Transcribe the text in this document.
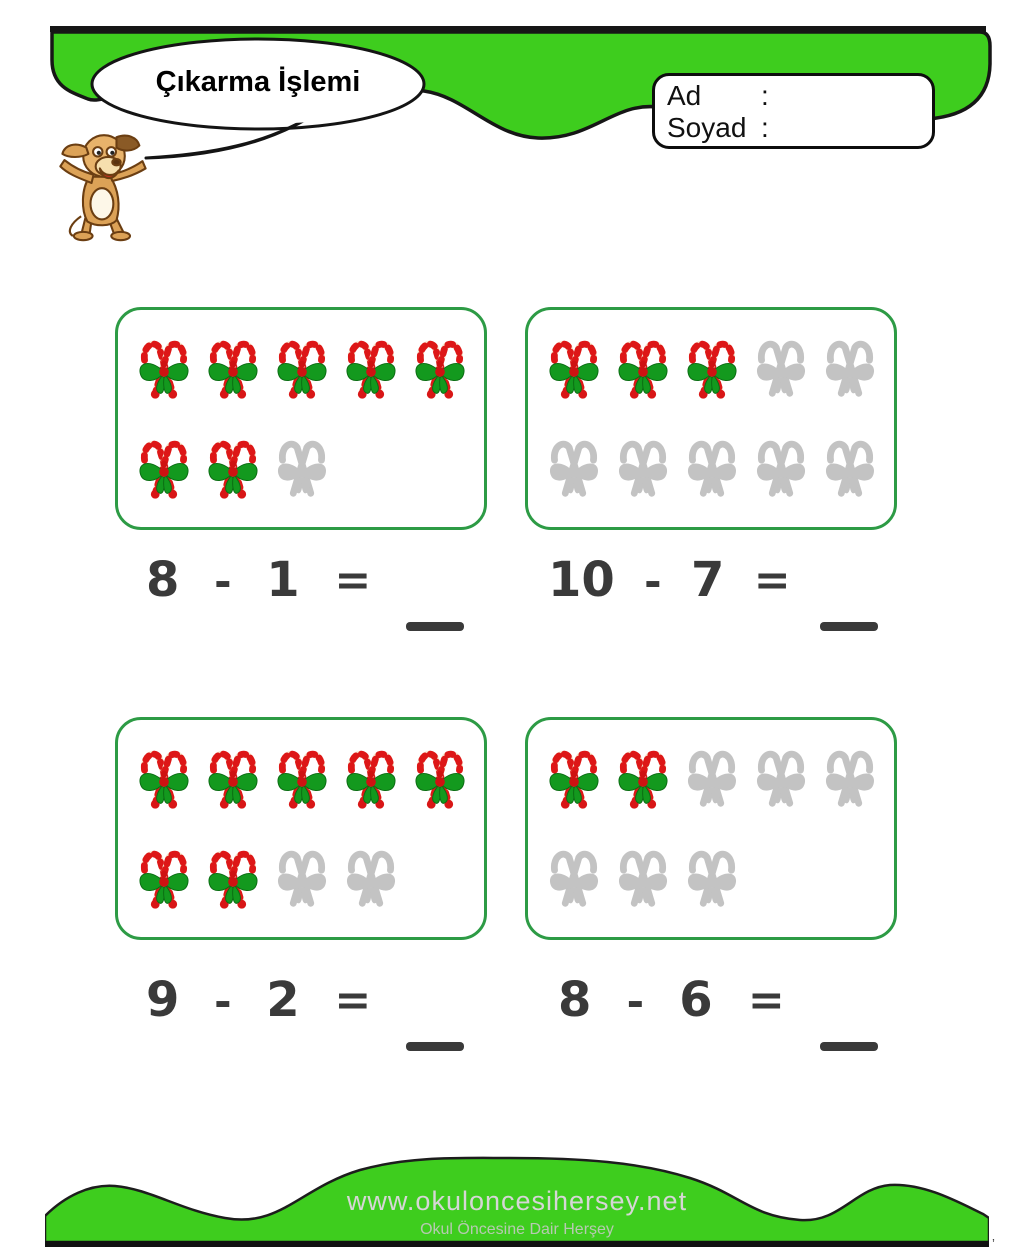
Çıkarma İşlemi	Ad	:
Soyad :
8 - 1 =	10 - 7 =
9 - 2 =	8 - 6 =
www.okuloncesihersey.net
Okul Öncesine Dair Herşey
’
